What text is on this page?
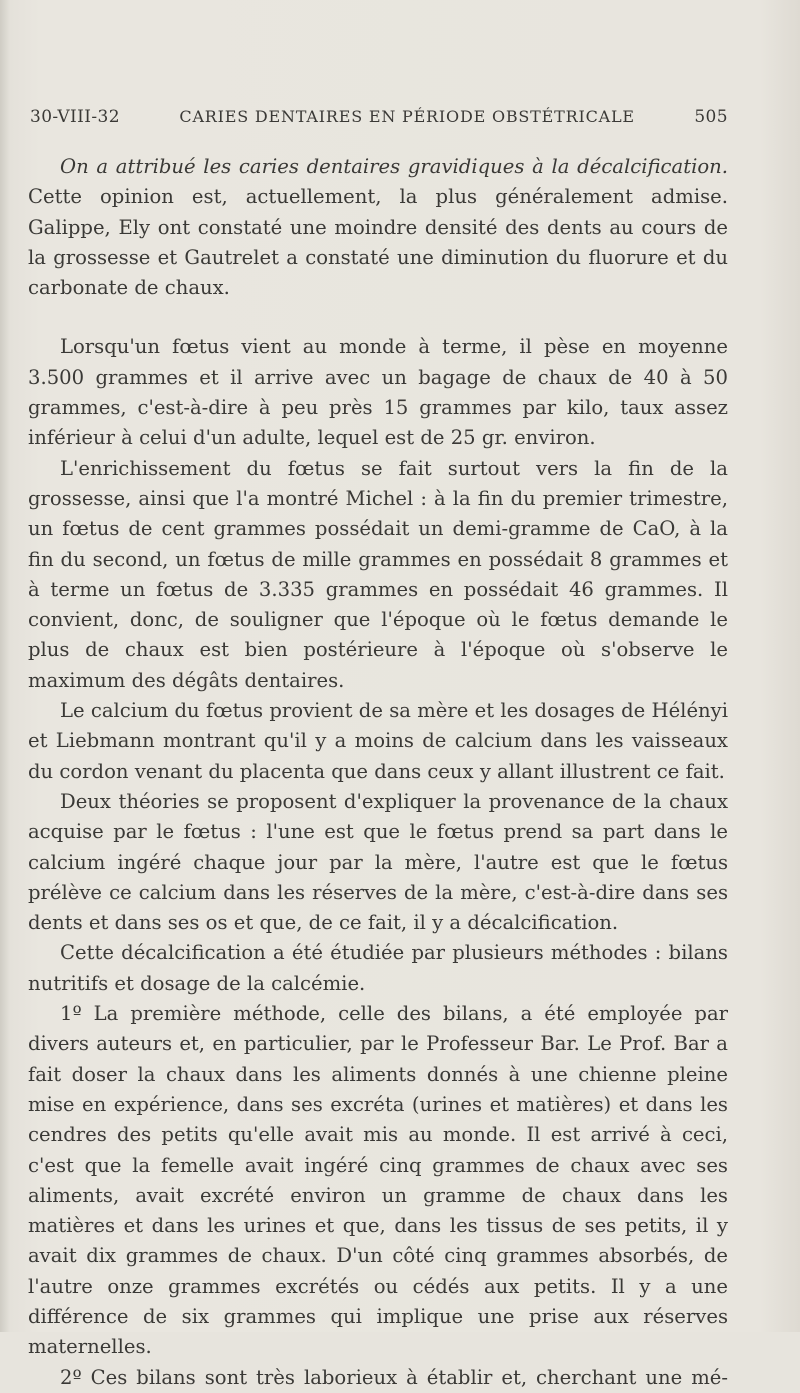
30-VIII-32	CARIES DENTAIRES EN PÉRIODE OBSTÉTRICALE	505

On a attribué les caries dentaires gravidiques à la décalcification. Cette opinion est, actuellement, la plus généralement admise. Galippe, Ely ont constaté une moindre densité des dents au cours de la grossesse et Gautrelet a constaté une diminution du fluorure et du carbonate de chaux.

Lorsqu'un fœtus vient au monde à terme, il pèse en moyenne 3.500 grammes et il arrive avec un bagage de chaux de 40 à 50 grammes, c'est-à-dire à peu près 15 grammes par kilo, taux assez inférieur à celui d'un adulte, lequel est de 25 gr. environ.

L'enrichissement du fœtus se fait surtout vers la fin de la grossesse, ainsi que l'a montré Michel : à la fin du premier trimestre, un fœtus de cent grammes possédait un demi-gramme de CaO, à la fin du second, un fœtus de mille grammes en possédait 8 grammes et à terme un fœtus de 3.335 grammes en possédait 46 grammes. Il convient, donc, de souligner que l'époque où le fœtus demande le plus de chaux est bien postérieure à l'époque où s'observe le maximum des dégâts dentaires.

Le calcium du fœtus provient de sa mère et les dosages de Hélényi et Liebmann montrant qu'il y a moins de calcium dans les vaisseaux du cordon venant du placenta que dans ceux y allant illustrent ce fait.

Deux théories se proposent d'expliquer la provenance de la chaux acquise par le fœtus : l'une est que le fœtus prend sa part dans le calcium ingéré chaque jour par la mère, l'autre est que le fœtus prélève ce calcium dans les réserves de la mère, c'est-à-dire dans ses dents et dans ses os et que, de ce fait, il y a décalcification.

Cette décalcification a été étudiée par plusieurs méthodes : bilans nutritifs et dosage de la calcémie.

1º La première méthode, celle des bilans, a été employée par divers auteurs et, en particulier, par le Professeur Bar. Le Prof. Bar a fait doser la chaux dans les aliments donnés à une chienne pleine mise en expérience, dans ses excréta (urines et matières) et dans les cendres des petits qu'elle avait mis au monde. Il est arrivé à ceci, c'est que la femelle avait ingéré cinq grammes de chaux avec ses aliments, avait excrété environ un gramme de chaux dans les matières et dans les urines et que, dans les tissus de ses petits, il y avait dix grammes de chaux. D'un côté cinq grammes absorbés, de l'autre onze grammes excrétés ou cédés aux petits. Il y a une différence de six grammes qui implique une prise aux réserves maternelles.

2º Ces bilans sont très laborieux à établir et, cherchant une mé-
